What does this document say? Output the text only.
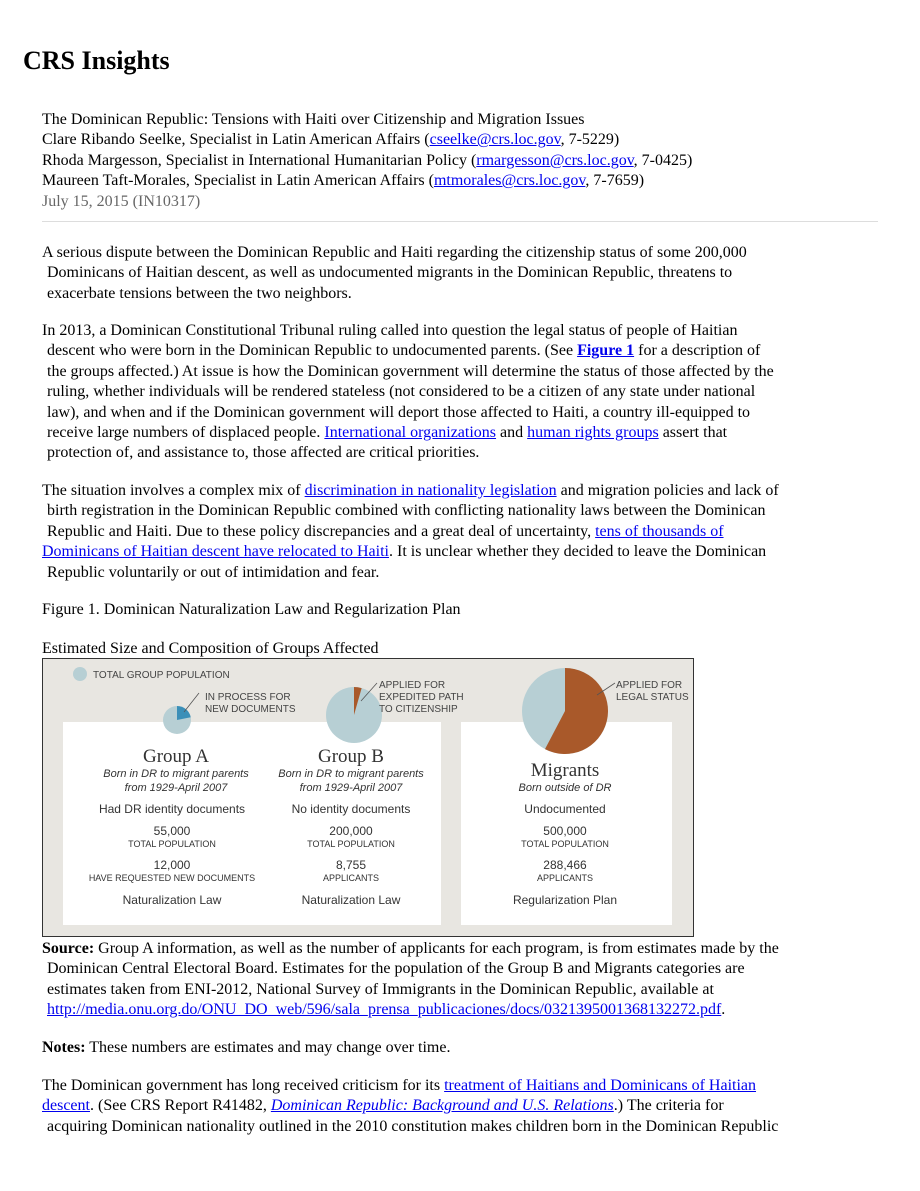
CRS Insights
The Dominican Republic: Tensions with Haiti over Citizenship and Migration Issues
Clare Ribando Seelke, Specialist in Latin American Affairs (cseelke@crs.loc.gov, 7-5229)
Rhoda Margesson, Specialist in International Humanitarian Policy (rmargesson@crs.loc.gov, 7-0425)
Maureen Taft-Morales, Specialist in Latin American Affairs (mtmorales@crs.loc.gov, 7-7659)
July 15, 2015 (IN10317)

A serious dispute between the Dominican Republic and Haiti regarding the citizenship status of some 200,000
Dominicans of Haitian descent, as well as undocumented migrants in the Dominican Republic, threatens to
exacerbate tensions between the two neighbors.

In 2013, a Dominican Constitutional Tribunal ruling called into question the legal status of people of Haitian
descent who were born in the Dominican Republic to undocumented parents. (See Figure 1 for a description of
the groups affected.) At issue is how the Dominican government will determine the status of those affected by the
ruling, whether individuals will be rendered stateless (not considered to be a citizen of any state under national
law), and when and if the Dominican government will deport those affected to Haiti, a country ill-equipped to
receive large numbers of displaced people. International organizations and human rights groups assert that
protection of, and assistance to, those affected are critical priorities.

The situation involves a complex mix of discrimination in nationality legislation and migration policies and lack of
birth registration in the Dominican Republic combined with conflicting nationality laws between the Dominican
Republic and Haiti. Due to these policy discrepancies and a great deal of uncertainty, tens of thousands of
Dominicans of Haitian descent have relocated to Haiti. It is unclear whether they decided to leave the Dominican
Republic voluntarily or out of intimidation and fear.

Figure 1. Dominican Naturalization Law and Regularization Plan

Estimated Size and Composition of Groups Affected

TOTAL GROUP POPULATION
IN PROCESS FOR
NEW DOCUMENTS
APPLIED FOR
EXPEDITED PATH
TO CITIZENSHIP
APPLIED FOR
LEGAL STATUS
Group A
Born in DR to migrant parents
from 1929-April 2007
Had DR identity documents
55,000
TOTAL POPULATION
12,000
HAVE REQUESTED NEW DOCUMENTS
Naturalization Law
Group B
Born in DR to migrant parents
from 1929-April 2007
No identity documents
200,000
TOTAL POPULATION
8,755
APPLICANTS
Naturalization Law
Migrants
Born outside of DR
Undocumented
500,000
TOTAL POPULATION
288,466
APPLICANTS
Regularization Plan

Source: Group A information, as well as the number of applicants for each program, is from estimates made by the
Dominican Central Electoral Board. Estimates for the population of the Group B and Migrants categories are
estimates taken from ENI-2012, National Survey of Immigrants in the Dominican Republic, available at
http://media.onu.org.do/ONU_DO_web/596/sala_prensa_publicaciones/docs/0321395001368132272.pdf.

Notes: These numbers are estimates and may change over time.

The Dominican government has long received criticism for its treatment of Haitians and Dominicans of Haitian
descent. (See CRS Report R41482, Dominican Republic: Background and U.S. Relations.) The criteria for
acquiring Dominican nationality outlined in the 2010 constitution makes children born in the Dominican Republic
